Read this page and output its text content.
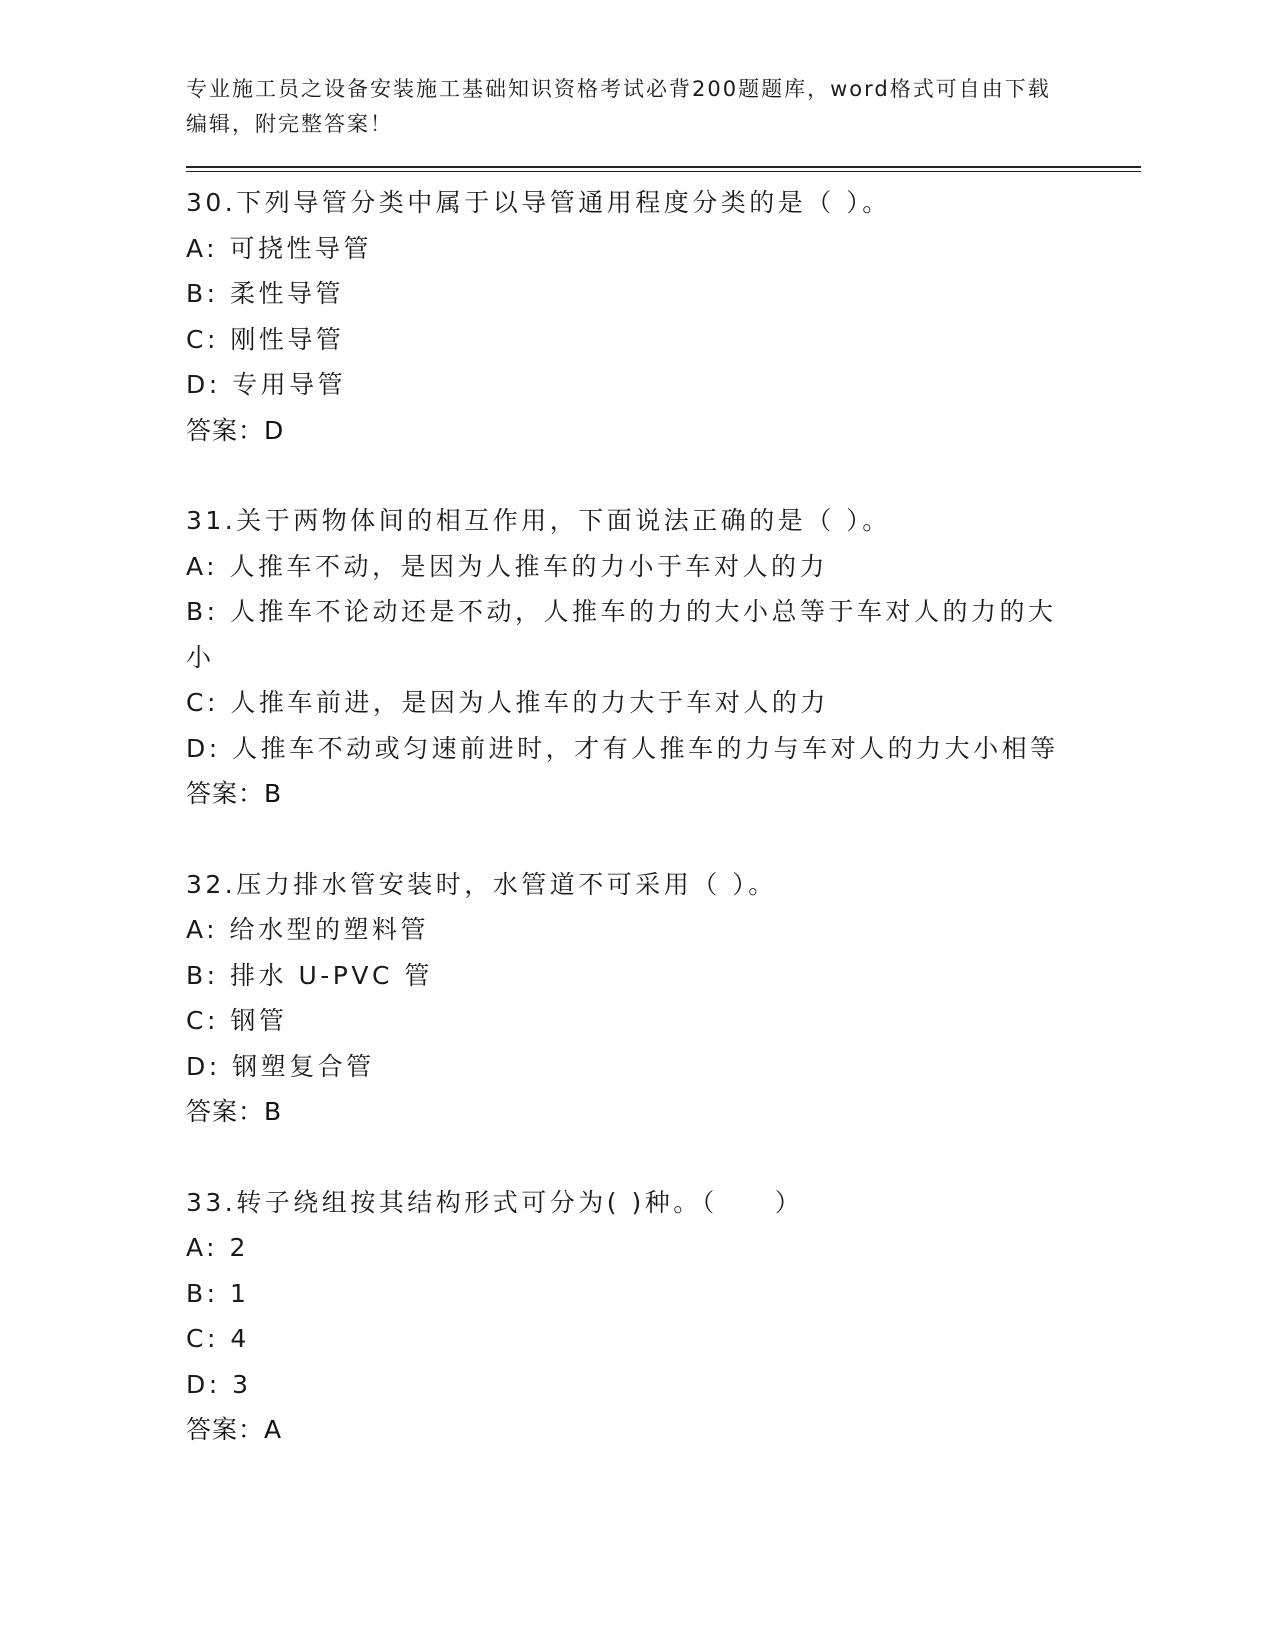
专业施工员之设备安装施工基础知识资格考试必背200题题库，word格式可自由下载编辑，附完整答案！

30.下列导管分类中属于以导管通用程度分类的是（ ）。
A: 可挠性导管
B: 柔性导管
C: 刚性导管
D: 专用导管
答案：D
31.关于两物体间的相互作用，下面说法正确的是（ ）。
A: 人推车不动，是因为人推车的力小于车对人的力
B: 人推车不论动还是不动，人推车的力的大小总等于车对人的力的大小
C: 人推车前进，是因为人推车的力大于车对人的力
D: 人推车不动或匀速前进时，才有人推车的力与车对人的力大小相等
答案：B
32.压力排水管安装时，水管道不可采用（ ）。
A: 给水型的塑料管
B: 排水 U-PVC 管
C: 钢管
D: 钢塑复合管
答案：B
33.转子绕组按其结构形式可分为( )种。（　　）
A: 2
B: 1
C: 4
D: 3
答案：A
